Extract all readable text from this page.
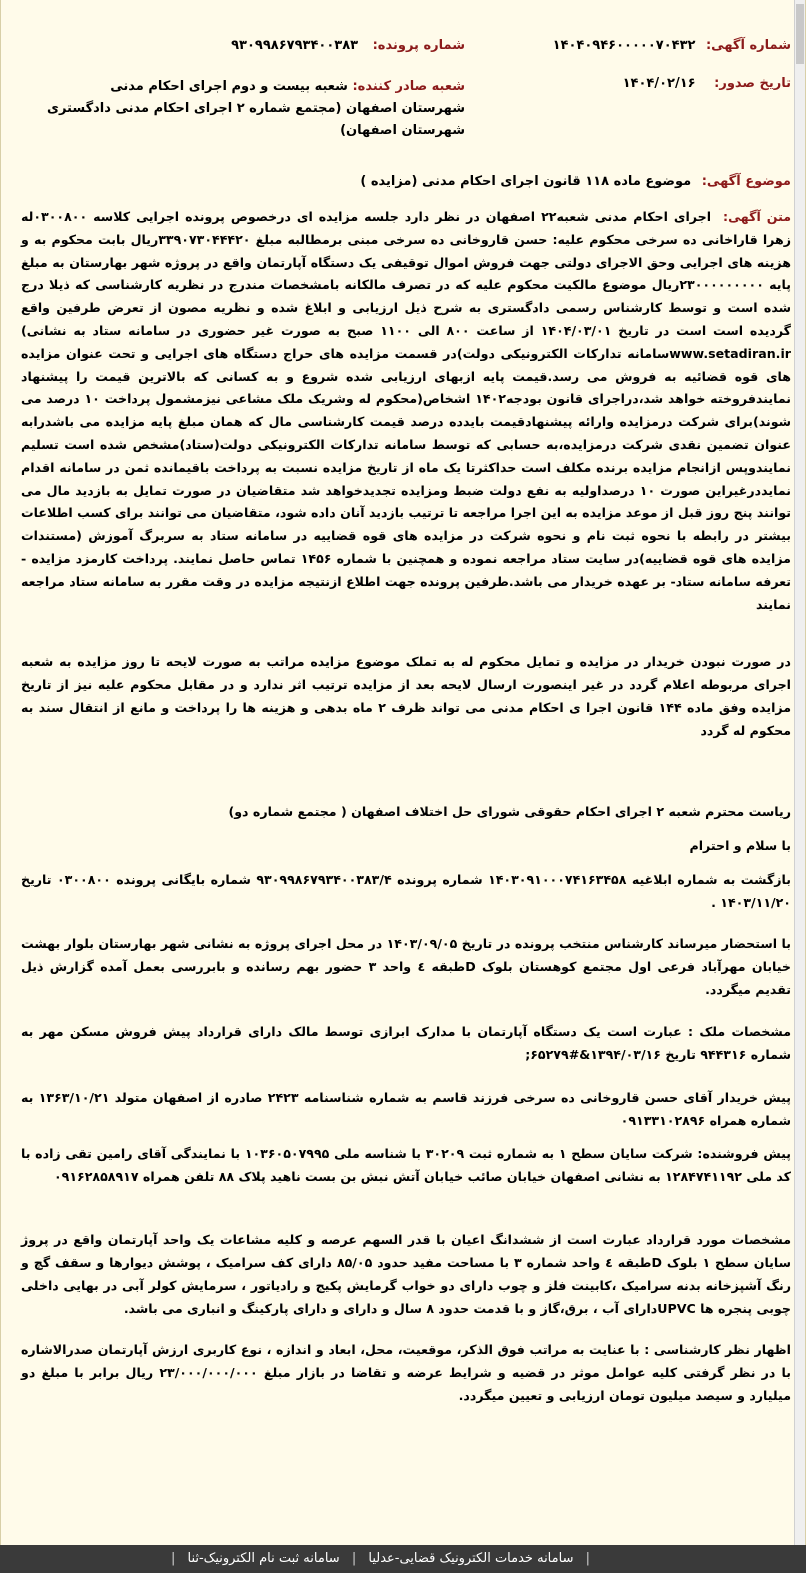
شماره آگهی: ۱۴۰۴۰۹۴۶۰۰۰۰۰۷۰۴۳۲
شماره پرونده: ۹۳۰۹۹۸۶۷۹۳۴۰۰۳۸۳
تاریخ صدور: ۱۴۰۴/۰۲/۱۶
شعبه صادر کننده: شعبه بیست و دوم اجرای احکام مدنی شهرستان اصفهان (مجتمع شماره ۲ اجرای احکام مدنی دادگستری شهرستان اصفهان)
موضوع آگهی: موضوع ماده ۱۱۸ قانون اجرای احکام مدنی (مزایده )
متن آگهی: اجرای احکام مدنی شعبه۲۲ اصفهان در نظر دارد جلسه مزایده ای درخصوص پرونده اجرایی کلاسه ۰۳۰۰۸۰۰له زهرا قاراخانی ده سرخی محکوم علیه: حسن قاروخانی ده سرخی مبنی برمطالبه مبلغ ۳۳۹۰۷۳۰۴۴۴۲۰ریال بابت محکوم به و هزینه های اجرایی وحق الاجرای دولتی جهت فروش اموال توقیفی یک دستگاه آپارتمان واقع در پروژه شهر بهارستان به مبلغ پایه ۲۳۰۰۰۰۰۰۰۰۰ریال موضوع مالکیت محکوم علیه که در تصرف مالکانه بامشخصات مندرج در نظریه کارشناسی که ذیلا درج شده است و توسط کارشناس رسمی دادگستری به شرح ذیل ارزیابی و ابلاغ شده و نظریه مصون از تعرض طرفین واقع گردیده است است در تاریخ ۱۴۰۴/۰۳/۰۱ از ساعت ۸۰۰ الی ۱۱۰۰ صبح به صورت غیر حضوری در سامانه ستاد به نشانی) www.setadiran.irسامانه تدارکات الکترونیکی دولت)در قسمت مزایده های حراج دستگاه های اجرایی و تحت عنوان مزایده های قوه قضائیه به فروش می رسد.قیمت پایه ازبهای ارزیابی شده شروع و به کسانی که بالاترین قیمت را پیشنهاد نمایندفروخته خواهد شد،دراجرای قانون بودجه۱۴۰۲ اشخاص(محکوم له وشریک ملک مشاعی نیزمشمول پرداخت ۱۰ درصد می شوند)برای شرکت درمزایده وارائه پیشنهادقیمت بایدده درصد قیمت کارشناسی مال که همان مبلغ پایه مزایده می باشدرابه عنوان تضمین نقدی شرکت درمزایده،به حسابی که توسط سامانه تدارکات الکترونیکی دولت(ستاد)مشخص شده است تسلیم نمایندوپس ازانجام مزایده برنده مکلف است حداکثرتا یک ماه از تاریخ مزایده نسبت به پرداخت باقیمانده ثمن در سامانه اقدام نمایددرغیراین صورت ۱۰ درصداولیه به نفع دولت ضبط ومزایده تجدیدخواهد شد متقاضیان در صورت تمایل به بازدید مال می توانند پنج روز قبل از موعد مزایده به این اجرا مراجعه تا ترتیب بازدید آنان داده شود، متقاضیان می توانند برای کسب اطلاعات بیشتر در رابطه با نحوه ثبت نام و نحوه شرکت در مزایده های قوه قضاییه در سامانه ستاد به سربرگ آموزش (مستندات مزایده های قوه قضاییه)در سایت ستاد مراجعه نموده و همچنین با شماره ۱۴۵۶ تماس حاصل نمایند. پرداخت کارمزد مزایده - تعرفه سامانه ستاد- بر عهده خریدار می باشد.طرفین پرونده جهت اطلاع ازنتیجه مزایده در وقت مقرر به سامانه ستاد مراجعه نمایند
در صورت نبودن خریدار در مزایده و تمایل محکوم له به تملک موضوع مزایده مراتب به صورت لایحه تا روز مزایده به شعبه اجرای مربوطه اعلام گردد در غیر اینصورت ارسال لایحه بعد از مزایده ترتیب اثر ندارد و در مقابل محکوم علیه نیز از تاریخ مزایده وفق ماده ۱۴۴ قانون اجرا ی احکام مدنی می تواند ظرف ۲ ماه بدهی و هزینه ها را پرداخت و مانع از انتقال سند به محکوم له گردد
ریاست محترم شعبه ۲ اجرای احکام حقوقی شورای حل اختلاف اصفهان ( مجتمع شماره دو)
با سلام و احترام
بازگشت به شماره ابلاغیه ۱۴۰۳۰۹۱۰۰۰۷۴۱۶۳۴۵۸ شماره پرونده ۹۳۰۹۹۸۶۷۹۳۴۰۰۳۸۳/۴ شماره بایگانی پرونده ۰۳۰۰۸۰۰ تاریخ ۱۴۰۳/۱۱/۲۰ .
با استحضار میرساند کارشناس منتخب پرونده در تاریخ ۱۴۰۳/۰۹/۰۵ در محل اجرای پروژه به نشانی شهر بهارستان بلوار بهشت خیابان مهرآباد فرعی اول مجتمع کوهستان بلوک Dطبقه ٤ واحد ۳ حضور بهم رسانده و بابررسی بعمل آمده گزارش ذیل تقدیم میگردد.
مشخصات ملک : عبارت است یک دستگاه آپارتمان با مدارک ابرازی توسط مالک دارای قرارداد پیش فروش مسکن مهر به شماره ۹۴۴۳۱۶ تاریخ ۱۳۹۴/۰۳/۱۶&#۶۵۲۷۹;
پیش خریدار آقای حسن قاروخانی ده سرخی فرزند قاسم به شماره شناسنامه ۲۴۲۳ صادره از اصفهان متولد ۱۳۶۳/۱۰/۲۱ به شماره همراه ۰۹۱۳۳۱۰۲۸۹۶
پیش فروشنده: شرکت سایان سطح ۱ به شماره ثبت ۳۰۲۰۹ با شناسه ملی ۱۰۳۶۰۵۰۷۹۹۵ با نمایندگی آقای رامین تقی زاده با کد ملی ۱۲۸۴۷۴۱۱۹۲ به نشانی اصفهان خیابان صائب خیابان آتش نبش بن بست ناهید پلاک ۸۸ تلفن همراه ۰۹۱۶۲۸۵۸۹۱۷
مشخصات مورد قرارداد عبارت است از ششدانگ اعیان با قدر السهم عرصه و کلیه مشاعات یک واحد آپارتمان واقع در پروژ سایان سطح ۱ بلوک Dطبقه ٤ واحد شماره ۳ با مساحت مفید حدود ۸۵/۰۵ دارای کف سرامیک ، پوشش دیوارها و سقف گچ و رنگ آشپزخانه بدنه سرامیک ،کابینت فلز و چوب دارای دو خواب گرمایش پکیج و رادیاتور ، سرمایش کولر آبی در بهایی داخلی چوبی پنجره ها UPVCدارای آب ، برق،گاز و با قدمت حدود ۸ سال و دارای و دارای پارکینگ و انباری می باشد.
اظهار نظر کارشناسی : با عنایت به مراتب فوق الذکر، موقعیت، محل، ابعاد و اندازه ، نوع کاربری ارزش آپارتمان صدرالاشاره با در نظر گرفتی کلیه عوامل موثر در قضیه و شرایط عرضه و تقاضا در بازار مبلغ ۲۳/۰۰۰/۰۰۰/۰۰۰ ریال برابر با مبلغ دو میلیارد و سیصد میلیون تومان ارزیابی و تعیین میگردد.
| سامانه خدمات الکترونیک قضایی-عدلیا | سامانه ثبت نام الکترونیک-ثنا |
